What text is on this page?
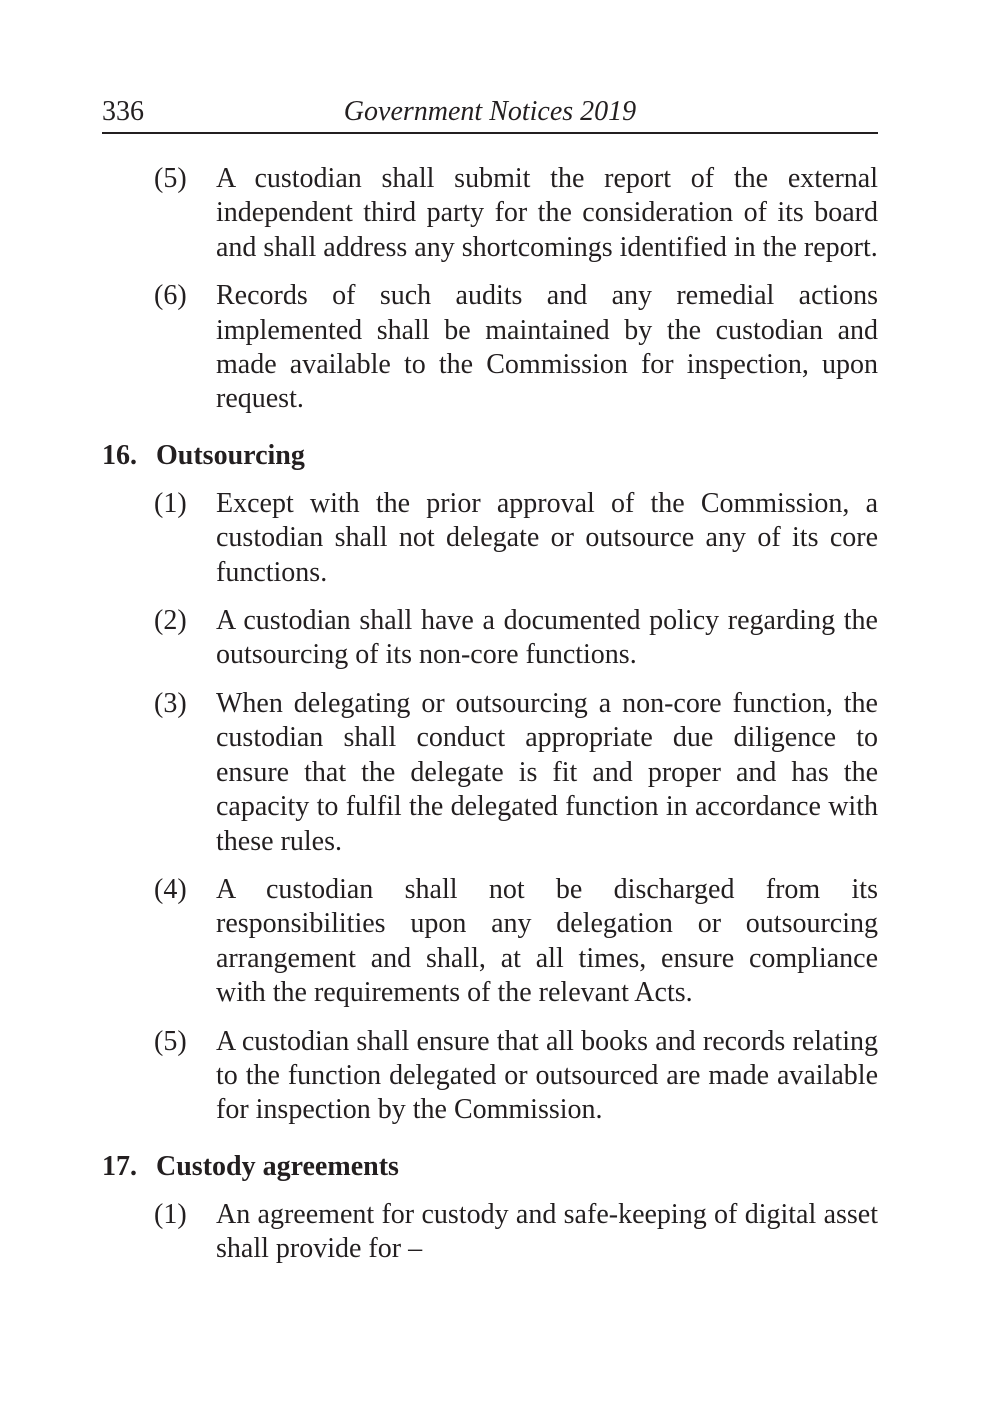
336	Government Notices 2019
(5)	A custodian shall submit the report of the external independent third party for the consideration of its board and shall address any shortcomings identified in the report.
(6)	Records of such audits and any remedial actions implemented shall be maintained by the custodian and made available to the Commission for inspection, upon request.
16. Outsourcing
(1)	Except with the prior approval of the Commission, a custodian shall not delegate or outsource any of its core functions.
(2)	A custodian shall have a documented policy regarding the outsourcing of its non-core functions.
(3)	When delegating or outsourcing a non-core function, the custodian shall conduct appropriate due diligence to ensure that the delegate is fit and proper and has the capacity to fulfil the delegated function in accordance with these rules.
(4)	A custodian shall not be discharged from its responsibilities upon any delegation or outsourcing arrangement and shall, at all times, ensure compliance with the requirements of the relevant Acts.
(5)	A custodian shall ensure that all books and records relating to the function delegated or outsourced are made available for inspection by the Commission.
17. Custody agreements
(1)	An agreement for custody and safe-keeping of digital asset shall provide for –
